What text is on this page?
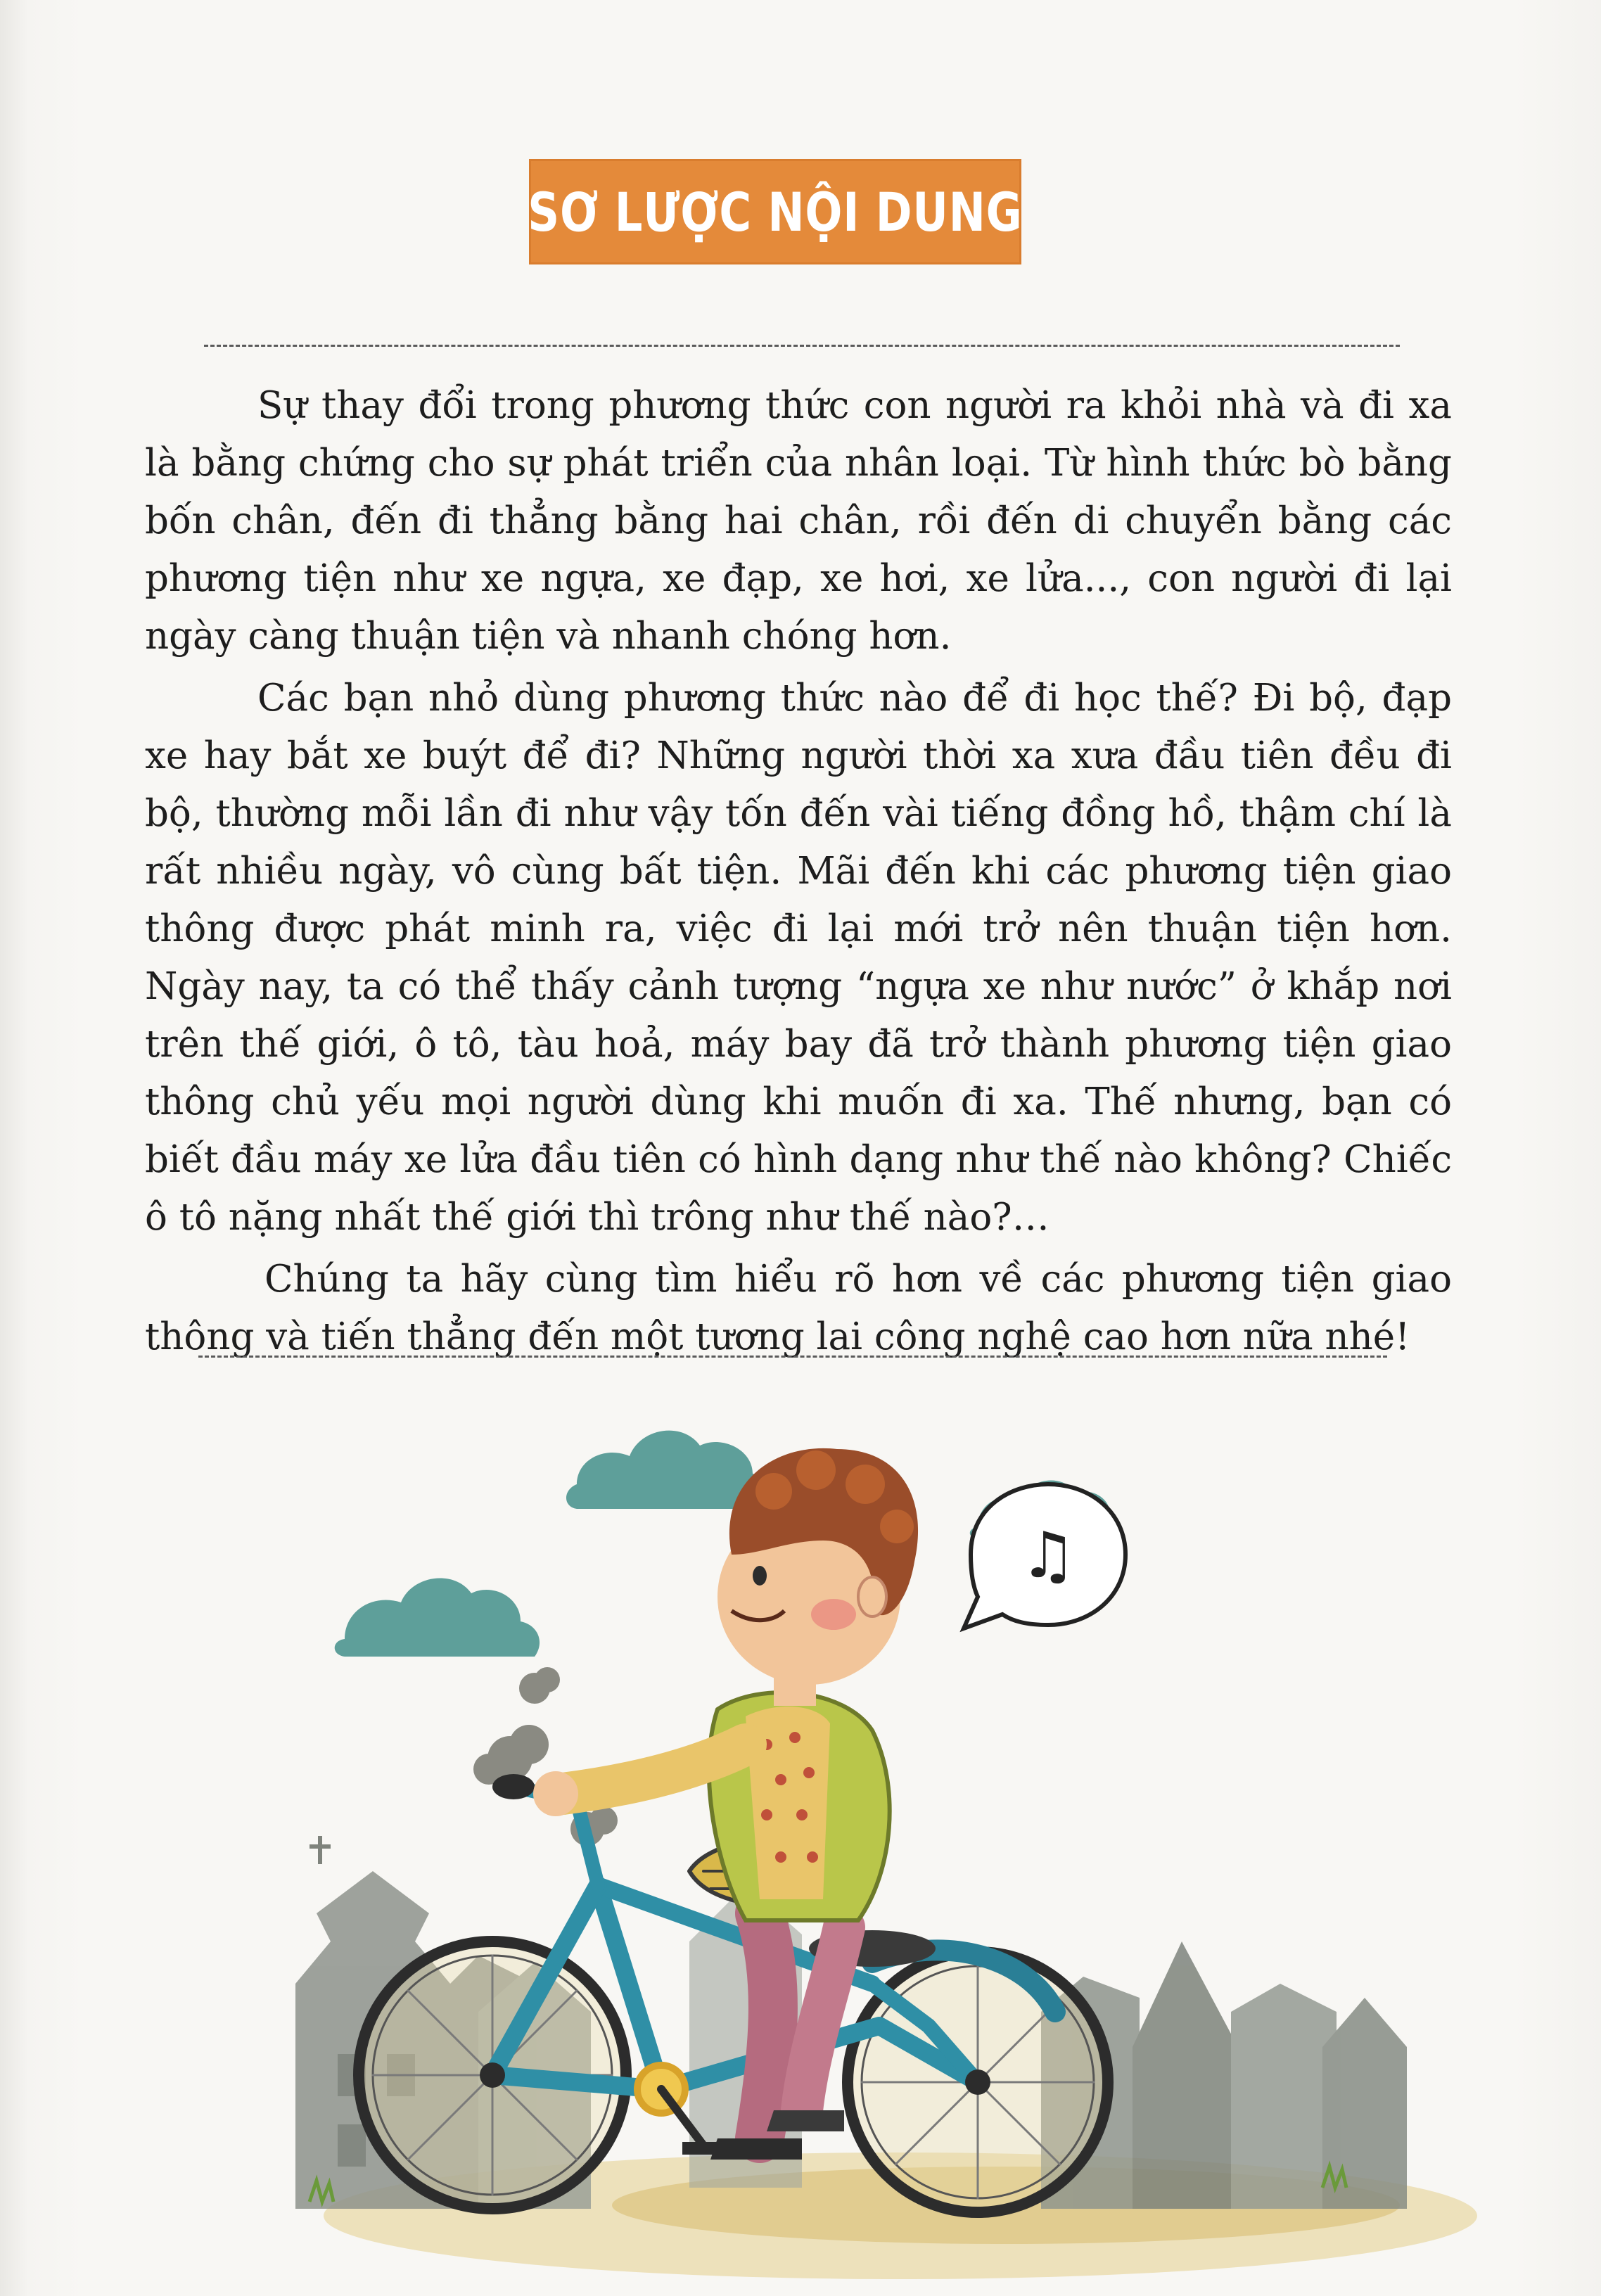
SƠ LƯỢC NỘI DUNG

Sự thay đổi trong phương thức con người ra khỏi nhà và đi xa là bằng chứng cho sự phát triển của nhân loại. Từ hình thức bò bằng bốn chân, đến đi thẳng bằng hai chân, rồi đến di chuyển bằng các phương tiện như xe ngựa, xe đạp, xe hơi, xe lửa..., con người đi lại ngày càng thuận tiện và nhanh chóng hơn.

Các bạn nhỏ dùng phương thức nào để đi học thế? Đi bộ, đạp xe hay bắt xe buýt để đi? Những người thời xa xưa đầu tiên đều đi bộ, thường mỗi lần đi như vậy tốn đến vài tiếng đồng hồ, thậm chí là rất nhiều ngày, vô cùng bất tiện. Mãi đến khi các phương tiện giao thông được phát minh ra, việc đi lại mới trở nên thuận tiện hơn. Ngày nay, ta có thể thấy cảnh tượng “ngựa xe như nước” ở khắp nơi trên thế giới, ô tô, tàu hoả, máy bay đã trở thành phương tiện giao thông chủ yếu mọi người dùng khi muốn đi xa. Thế nhưng, bạn có biết đầu máy xe lửa đầu tiên có hình dạng như thế nào không? Chiếc ô tô nặng nhất thế giới thì trông như thế nào?…

Chúng ta hãy cùng tìm hiểu rõ hơn về các phương tiện giao thông và tiến thẳng đến một tương lai công nghệ cao hơn nữa nhé!

♫
